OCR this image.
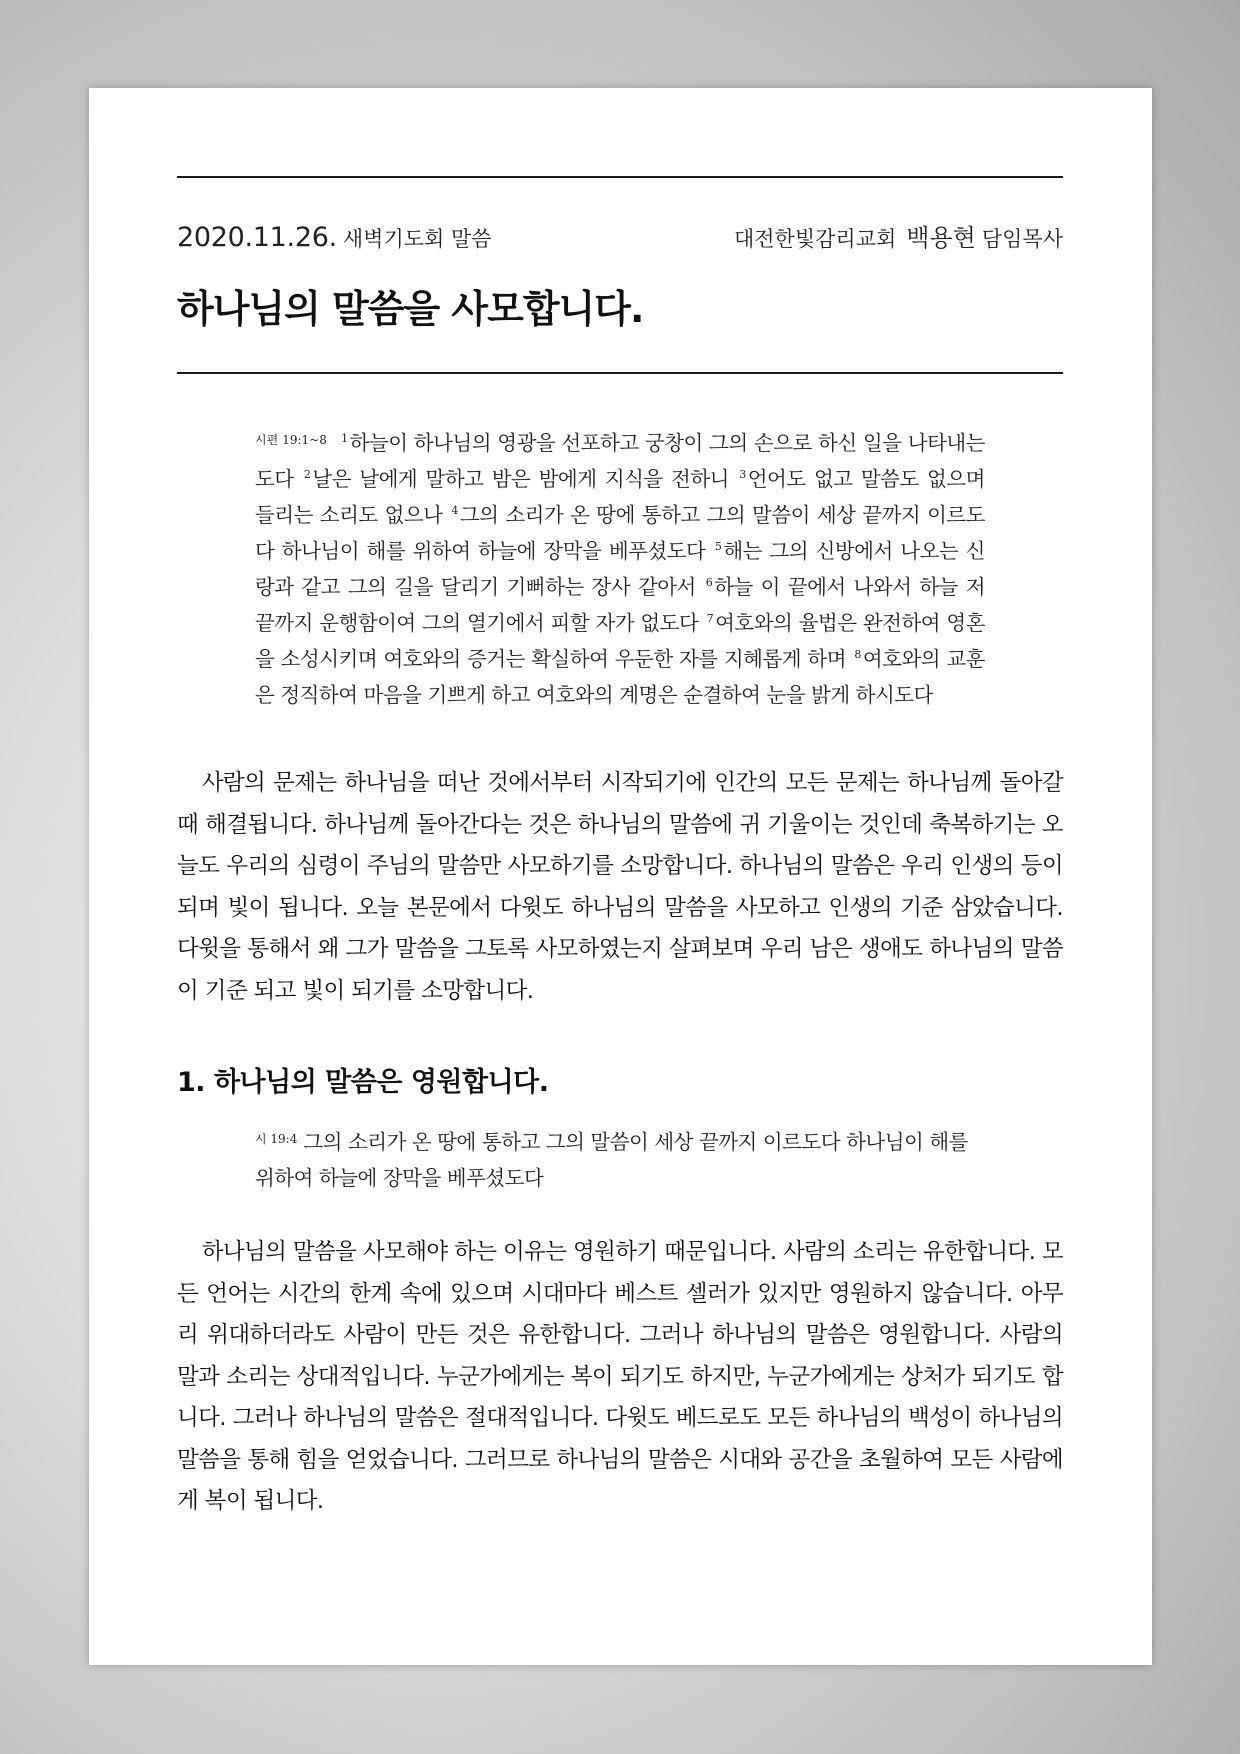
2020.11.26. 새벽기도회 말씀	대전한빛감리교회 백용현 담임목사
하나님의 말씀을 사모합니다.
$^{시편 19:1\sim 8}$ $^1$하늘이 하나님의 영광을 선포하고 궁창이 그의 손으로 하신 일을 나타내는도다 $^2$날은 날에게 말하고 밤은 밤에게 지식을 전하니 $^3$언어도 없고 말씀도 없으며 들리는 소리도 없으나 $^4$그의 소리가 온 땅에 통하고 그의 말씀이 세상 끝까지 이르도다 하나님이 해를 위하여 하늘에 장막을 베푸셨도다 $^5$해는 그의 신방에서 나오는 신랑과 같고 그의 길을 달리기 기뻐하는 장사 같아서 $^6$하늘 이 끝에서 나와서 하늘 저 끝까지 운행함이여 그의 열기에서 피할 자가 없도다 $^7$여호와의 율법은 완전하여 영혼을 소성시키며 여호와의 증거는 확실하여 우둔한 자를 지혜롭게 하며 $^8$여호와의 교훈은 정직하여 마음을 기쁘게 하고 여호와의 계명은 순결하여 눈을 밝게 하시도다

사람의 문제는 하나님을 떠난 것에서부터 시작되기에 인간의 모든 문제는 하나님께 돌아갈 때 해결됩니다. 하나님께 돌아간다는 것은 하나님의 말씀에 귀 기울이는 것인데 축복하기는 오늘도 우리의 심령이 주님의 말씀만 사모하기를 소망합니다. 하나님의 말씀은 우리 인생의 등이 되며 빛이 됩니다. 오늘 본문에서 다윗도 하나님의 말씀을 사모하고 인생의 기준 삼았습니다. 다윗을 통해서 왜 그가 말씀을 그토록 사모하였는지 살펴보며 우리 남은 생애도 하나님의 말씀이 기준 되고 빛이 되기를 소망합니다.

1. 하나님의 말씀은 영원합니다.
$^{시 19:4}$ 그의 소리가 온 땅에 통하고 그의 말씀이 세상 끝까지 이르도다 하나님이 해를 위하여 하늘에 장막을 베푸셨도다

하나님의 말씀을 사모해야 하는 이유는 영원하기 때문입니다. 사람의 소리는 유한합니다. 모든 언어는 시간의 한계 속에 있으며 시대마다 베스트 셀러가 있지만 영원하지 않습니다. 아무리 위대하더라도 사람이 만든 것은 유한합니다. 그러나 하나님의 말씀은 영원합니다. 사람의 말과 소리는 상대적입니다. 누군가에게는 복이 되기도 하지만, 누군가에게는 상처가 되기도 합니다. 그러나 하나님의 말씀은 절대적입니다. 다윗도 베드로도 모든 하나님의 백성이 하나님의 말씀을 통해 힘을 얻었습니다. 그러므로 하나님의 말씀은 시대와 공간을 초월하여 모든 사람에게 복이 됩니다.
